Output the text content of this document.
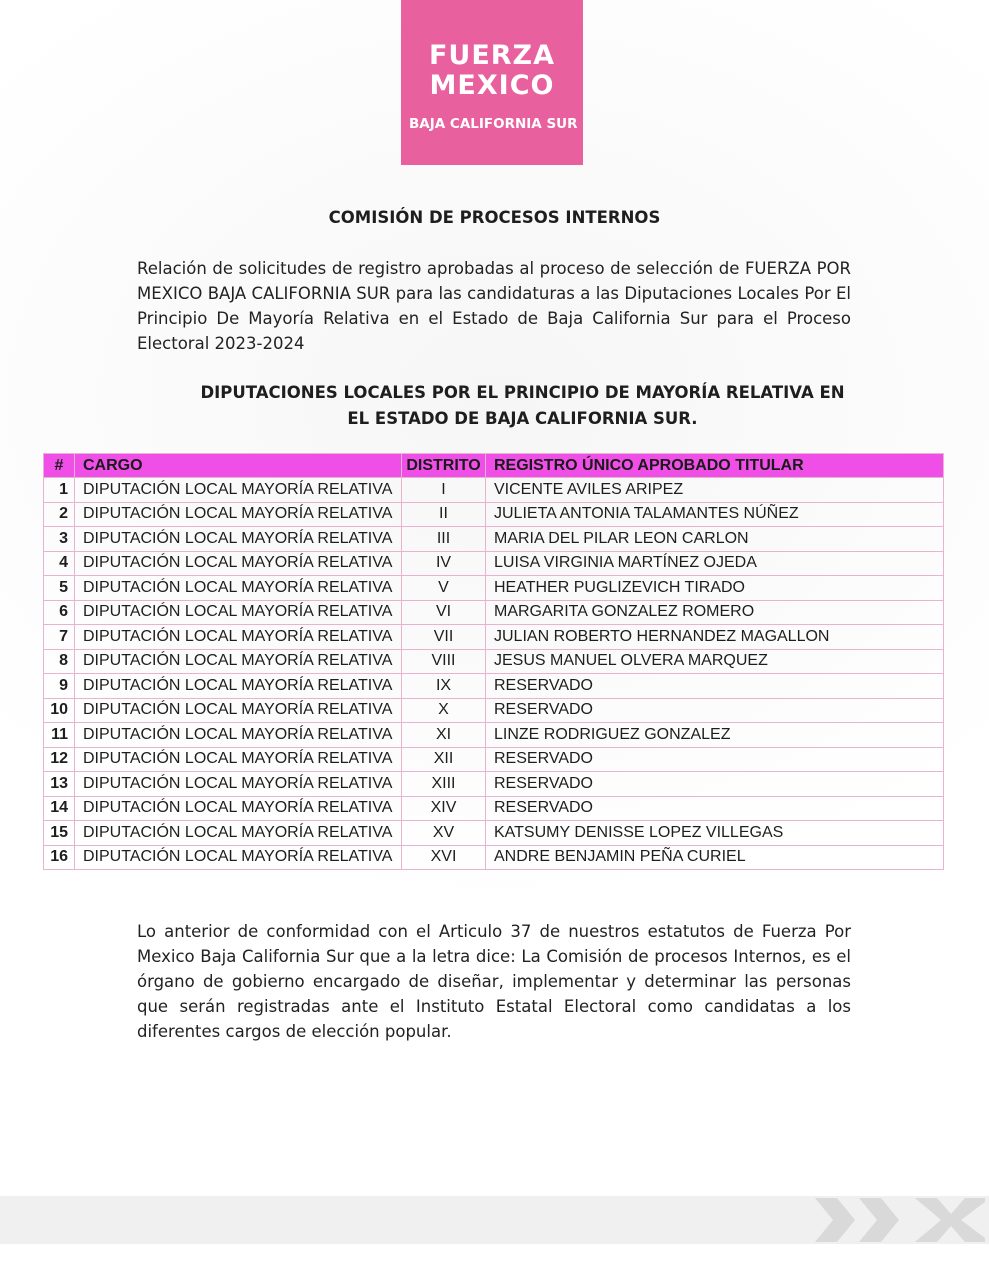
FUERZA
MEXICO
BAJA CALIFORNIA SUR
COMISIÓN DE PROCESOS INTERNOS
Relación de solicitudes de registro aprobadas al proceso de selección de FUERZA POR MEXICO BAJA CALIFORNIA SUR para las candidaturas a las Diputaciones Locales Por El Principio De Mayoría Relativa en el Estado de Baja California Sur para el Proceso Electoral 2023-2024
DIPUTACIONES LOCALES POR EL PRINCIPIO DE MAYORÍA RELATIVA EN
EL ESTADO DE BAJA CALIFORNIA SUR.
#	CARGO	DISTRITO	REGISTRO ÚNICO APROBADO TITULAR
1	DIPUTACIÓN LOCAL MAYORÍA RELATIVA	I	VICENTE AVILES ARIPEZ
2	DIPUTACIÓN LOCAL MAYORÍA RELATIVA	II	JULIETA ANTONIA TALAMANTES NÚÑEZ
3	DIPUTACIÓN LOCAL MAYORÍA RELATIVA	III	MARIA DEL PILAR LEON CARLON
4	DIPUTACIÓN LOCAL MAYORÍA RELATIVA	IV	LUISA VIRGINIA MARTÍNEZ OJEDA
5	DIPUTACIÓN LOCAL MAYORÍA RELATIVA	V	HEATHER PUGLIZEVICH TIRADO
6	DIPUTACIÓN LOCAL MAYORÍA RELATIVA	VI	MARGARITA GONZALEZ ROMERO
7	DIPUTACIÓN LOCAL MAYORÍA RELATIVA	VII	JULIAN ROBERTO HERNANDEZ MAGALLON
8	DIPUTACIÓN LOCAL MAYORÍA RELATIVA	VIII	JESUS MANUEL OLVERA MARQUEZ
9	DIPUTACIÓN LOCAL MAYORÍA RELATIVA	IX	RESERVADO
10	DIPUTACIÓN LOCAL MAYORÍA RELATIVA	X	RESERVADO
11	DIPUTACIÓN LOCAL MAYORÍA RELATIVA	XI	LINZE RODRIGUEZ GONZALEZ
12	DIPUTACIÓN LOCAL MAYORÍA RELATIVA	XII	RESERVADO
13	DIPUTACIÓN LOCAL MAYORÍA RELATIVA	XIII	RESERVADO
14	DIPUTACIÓN LOCAL MAYORÍA RELATIVA	XIV	RESERVADO
15	DIPUTACIÓN LOCAL MAYORÍA RELATIVA	XV	KATSUMY DENISSE LOPEZ VILLEGAS
16	DIPUTACIÓN LOCAL MAYORÍA RELATIVA	XVI	ANDRE BENJAMIN PEÑA CURIEL
Lo anterior de conformidad con el Articulo 37 de nuestros estatutos de Fuerza Por Mexico Baja California Sur que a la letra dice: La Comisión de procesos Internos, es el órgano de gobierno encargado de diseñar, implementar y determinar las personas que serán registradas ante el Instituto Estatal Electoral como candidatas a los diferentes cargos de elección popular.
